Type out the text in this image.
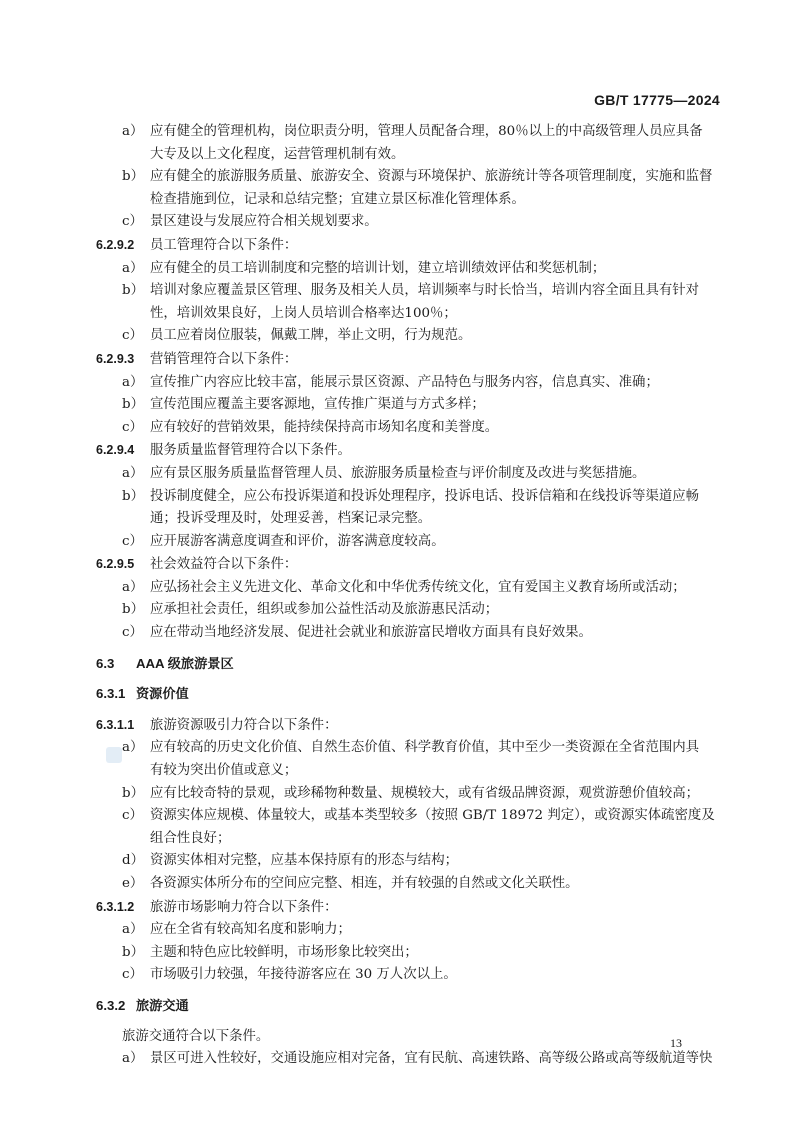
GB/T 17775—2024
a） 应有健全的管理机构，岗位职责分明，管理人员配备合理，80％以上的中高级管理人员应具备
大专及以上文化程度，运营管理机制有效。
b） 应有健全的旅游服务质量、旅游安全、资源与环境保护、旅游统计等各项管理制度，实施和监督
检查措施到位，记录和总结完整；宜建立景区标准化管理体系。
c） 景区建设与发展应符合相关规划要求。
6.2.9.2 员工管理符合以下条件：
a） 应有健全的员工培训制度和完整的培训计划，建立培训绩效评估和奖惩机制；
b） 培训对象应覆盖景区管理、服务及相关人员，培训频率与时长恰当，培训内容全面且具有针对
性，培训效果良好，上岗人员培训合格率达100％；
c） 员工应着岗位服装，佩戴工牌，举止文明，行为规范。
6.2.9.3 营销管理符合以下条件：
a） 宣传推广内容应比较丰富，能展示景区资源、产品特色与服务内容，信息真实、准确；
b） 宣传范围应覆盖主要客源地，宣传推广渠道与方式多样；
c） 应有较好的营销效果，能持续保持高市场知名度和美誉度。
6.2.9.4 服务质量监督管理符合以下条件。
a） 应有景区服务质量监督管理人员、旅游服务质量检查与评价制度及改进与奖惩措施。
b） 投诉制度健全，应公布投诉渠道和投诉处理程序，投诉电话、投诉信箱和在线投诉等渠道应畅
通；投诉受理及时，处理妥善，档案记录完整。
c） 应开展游客满意度调查和评价，游客满意度较高。
6.2.9.5 社会效益符合以下条件：
a） 应弘扬社会主义先进文化、革命文化和中华优秀传统文化，宜有爱国主义教育场所或活动；
b） 应承担社会责任，组织或参加公益性活动及旅游惠民活动；
c） 应在带动当地经济发展、促进社会就业和旅游富民增收方面具有良好效果。
6.3 AAA 级旅游景区
6.3.1 资源价值
6.3.1.1 旅游资源吸引力符合以下条件：
a） 应有较高的历史文化价值、自然生态价值、科学教育价值，其中至少一类资源在全省范围内具
有较为突出价值或意义；
b） 应有比较奇特的景观，或珍稀物种数量、规模较大，或有省级品牌资源，观赏游憩价值较高；
c） 资源实体应规模、体量较大，或基本类型较多（按照 GB/T 18972 判定），或资源实体疏密度及
组合性良好；
d） 资源实体相对完整，应基本保持原有的形态与结构；
e） 各资源实体所分布的空间应完整、相连，并有较强的自然或文化关联性。
6.3.1.2 旅游市场影响力符合以下条件：
a） 应在全省有较高知名度和影响力；
b） 主题和特色应比较鲜明，市场形象比较突出；
c） 市场吸引力较强，年接待游客应在 30 万人次以上。
6.3.2 旅游交通
旅游交通符合以下条件。
a） 景区可进入性较好，交通设施应相对完备，宜有民航、高速铁路、高等级公路或高等级航道等快
13
